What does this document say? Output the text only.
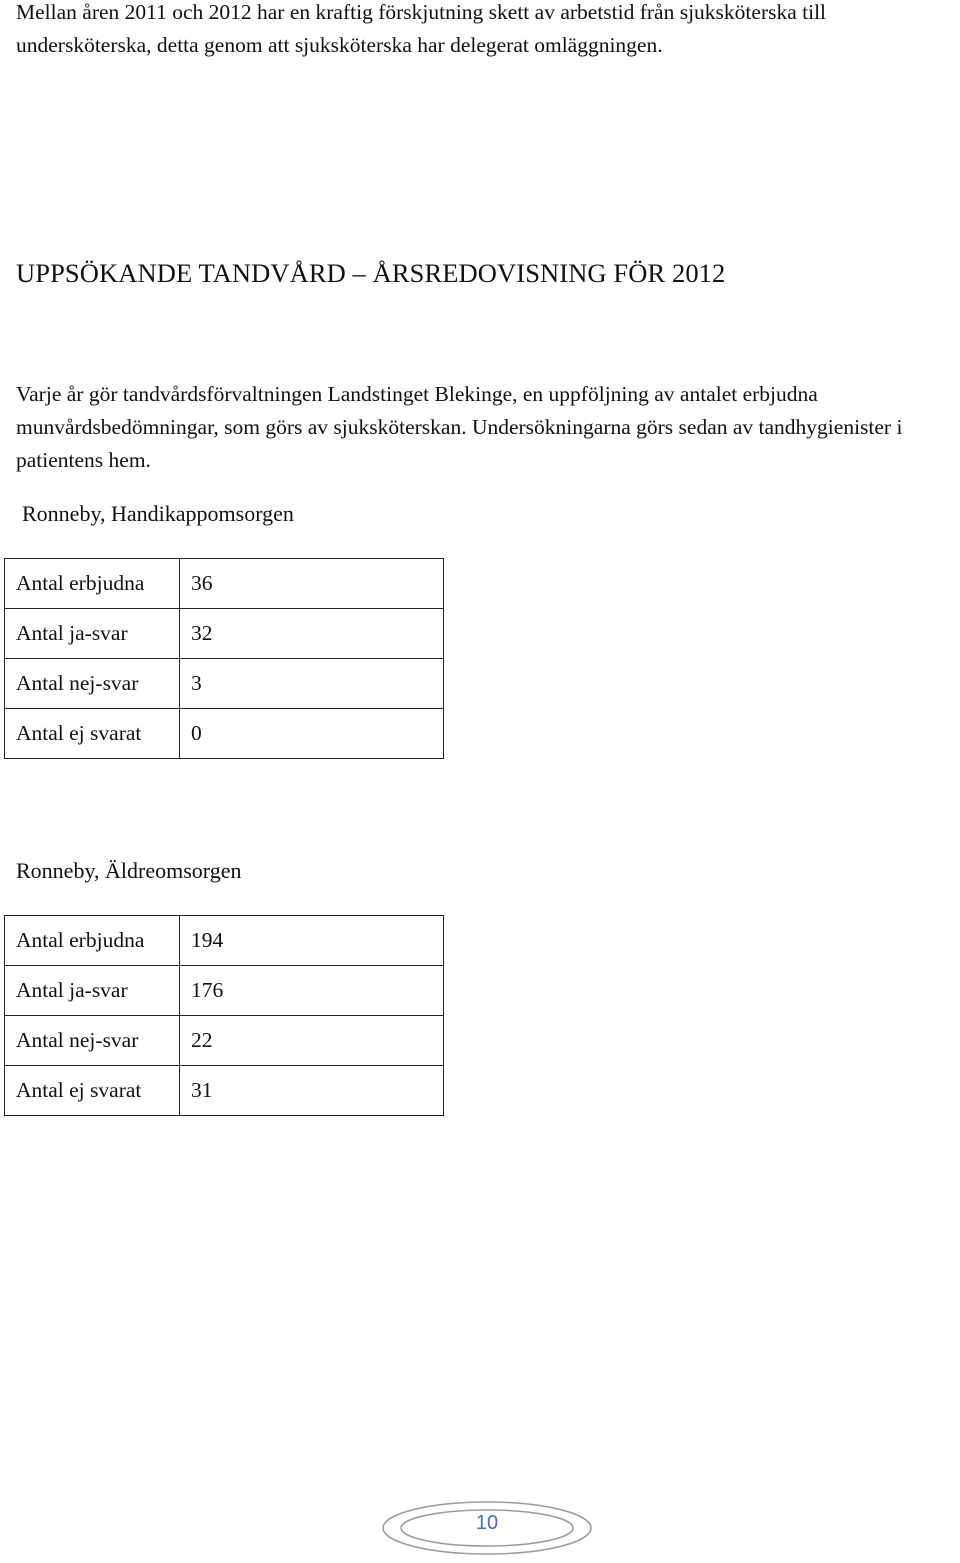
Mellan åren 2011 och 2012 har en kraftig förskjutning skett av arbetstid från sjuksköterska till undersköterska, detta genom att sjuksköterska har delegerat omläggningen.

UPPSÖKANDE TANDVÅRD – ÅRSREDOVISNING FÖR 2012

Varje år gör tandvårdsförvaltningen Landstinget Blekinge, en uppföljning av antalet erbjudna munvårdsbedömningar, som görs av sjuksköterskan. Undersökningarna görs sedan av tandhygienister i patientens hem.

Ronneby, Handikappomsorgen
Antal erbjudna	36
Antal ja-svar	32
Antal nej-svar	3
Antal ej svarat	0
Ronneby, Äldreomsorgen
Antal erbjudna	194
Antal ja-svar	176
Antal nej-svar	22
Antal ej svarat	31
10
